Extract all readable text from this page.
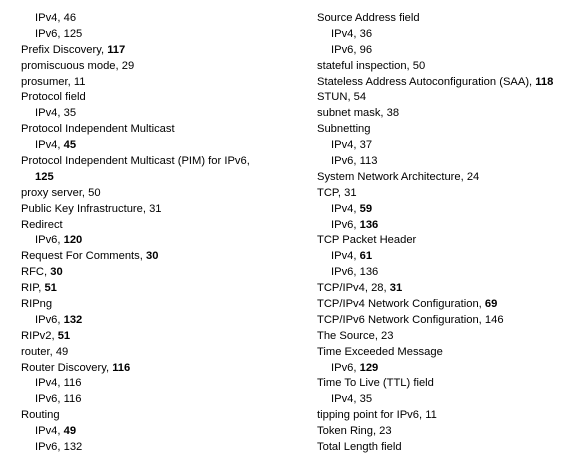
IPv4, 46
IPv6, 125
Prefix Discovery, 117
promiscuous mode, 29
prosumer, 11
Protocol field
IPv4, 35
Protocol Independent Multicast
IPv4, 45
Protocol Independent Multicast (PIM) for IPv6,
125
proxy server, 50
Public Key Infrastructure, 31
Redirect
IPv6, 120
Request For Comments, 30
RFC, 30
RIP, 51
RIPng
IPv6, 132
RIPv2, 51
router, 49
Router Discovery, 116
IPv4, 116
IPv6, 116
Routing
IPv4, 49
IPv6, 132
Source Address field
IPv4, 36
IPv6, 96
stateful inspection, 50
Stateless Address Autoconfiguration (SAA), 118
STUN, 54
subnet mask, 38
Subnetting
IPv4, 37
IPv6, 113
System Network Architecture, 24
TCP, 31
IPv4, 59
IPv6, 136
TCP Packet Header
IPv4, 61
IPv6, 136
TCP/IPv4, 28, 31
TCP/IPv4 Network Configuration, 69
TCP/IPv6 Network Configuration, 146
The Source, 23
Time Exceeded Message
IPv6, 129
Time To Live (TTL) field
IPv4, 35
tipping point for IPv6, 11
Token Ring, 23
Total Length field
